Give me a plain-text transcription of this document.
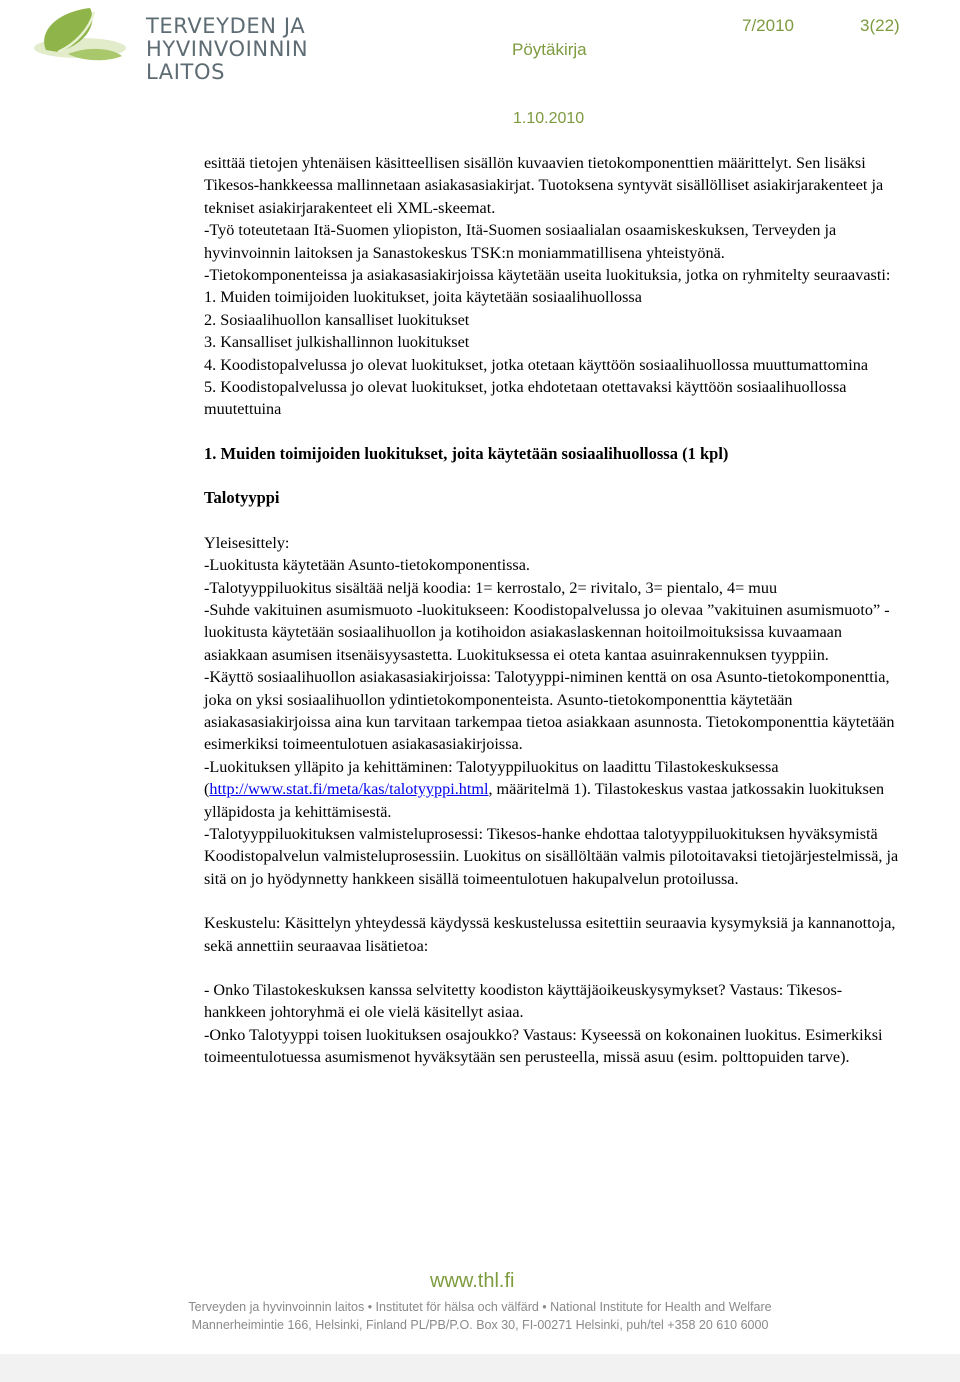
TERVEYDEN JA
HYVINVOINNIN LAITOS
7/2010	3(22)
Pöytäkirja
1.10.2010

esittää tietojen yhtenäisen käsitteellisen sisällön kuvaavien tietokomponenttien määrittelyt. Sen lisäksi Tikesos-hankkeessa mallinnetaan asiakasasiakirjat. Tuotoksena syntyvät sisällölliset asiakirjarakenteet ja tekniset asiakirjarakenteet eli XML-skeemat.

-Työ toteutetaan Itä-Suomen yliopiston, Itä-Suomen sosiaalialan osaamiskeskuksen, Terveyden ja hyvinvoinnin laitoksen ja Sanastokeskus TSK:n moniammatillisena yhteistyönä.

-Tietokomponenteissa ja asiakasasiakirjoissa käytetään useita luokituksia, jotka on ryhmitelty seuraavasti:

1. Muiden toimijoiden luokitukset, joita käytetään sosiaalihuollossa

2. Sosiaalihuollon kansalliset luokitukset

3. Kansalliset julkishallinnon luokitukset

4. Koodistopalvelussa jo olevat luokitukset, jotka otetaan käyttöön sosiaalihuollossa muuttumattomina

5. Koodistopalvelussa jo olevat luokitukset, jotka ehdotetaan otettavaksi käyttöön sosiaalihuollossa muutettuina

1. Muiden toimijoiden luokitukset, joita käytetään sosiaalihuollossa (1 kpl)

Talotyyppi

Yleisesittely:

-Luokitusta käytetään Asunto-tietokomponentissa.

-Talotyyppiluokitus sisältää neljä koodia: 1= kerrostalo, 2= rivitalo, 3= pientalo, 4= muu

-Suhde vakituinen asumismuoto -luokitukseen: Koodistopalvelussa jo olevaa ”vakituinen asumismuoto” -luokitusta käytetään sosiaalihuollon ja kotihoidon asiakaslaskennan hoitoilmoituksissa kuvaamaan asiakkaan asumisen itsenäisyysastetta. Luokituksessa ei oteta kantaa asuinrakennuksen tyyppiin.

-Käyttö sosiaalihuollon asiakasasiakirjoissa: Talotyyppi-niminen kenttä on osa Asunto-tietokomponenttia, joka on yksi sosiaalihuollon ydintietokomponenteista. Asunto-tietokomponenttia käytetään asiakasasiakirjoissa aina kun tarvitaan tarkempaa tietoa asiakkaan asunnosta. Tietokomponenttia käytetään esimerkiksi toimeentulotuen asiakasasiakirjoissa.

-Luokituksen ylläpito ja kehittäminen: Talotyyppiluokitus on laadittu Tilastokeskuksessa (http://www.stat.fi/meta/kas/talotyyppi.html, määritelmä 1). Tilastokeskus vastaa jatkossakin luokituksen ylläpidosta ja kehittämisestä.

-Talotyyppiluokituksen valmisteluprosessi: Tikesos-hanke ehdottaa talotyyppiluokituksen hyväksymistä Koodistopalvelun valmisteluprosessiin. Luokitus on sisällöltään valmis pilotoitavaksi tietojärjestelmissä, ja sitä on jo hyödynnetty hankkeen sisällä toimeentulotuen hakupalvelun protoilussa.

Keskustelu: Käsittelyn yhteydessä käydyssä keskustelussa esitettiin seuraavia kysymyksiä ja kannanottoja, sekä annettiin seuraavaa lisätietoa:

- Onko Tilastokeskuksen kanssa selvitetty koodiston käyttäjäoikeuskysymykset? Vastaus: Tikesos-hankkeen johtoryhmä ei ole vielä käsitellyt asiaa.

-Onko Talotyyppi toisen luokituksen osajoukko? Vastaus: Kyseessä on kokonainen luokitus. Esimerkiksi toimeentulotuessa asumismenot hyväksytään sen perusteella, missä asuu (esim. polttopuiden tarve).

www.thl.fi
Terveyden ja hyvinvoinnin laitos • Institutet för hälsa och välfärd • National Institute for Health and Welfare
Mannerheimintie 166, Helsinki, Finland PL/PB/P.O. Box 30, FI-00271 Helsinki, puh/tel +358 20 610 6000
